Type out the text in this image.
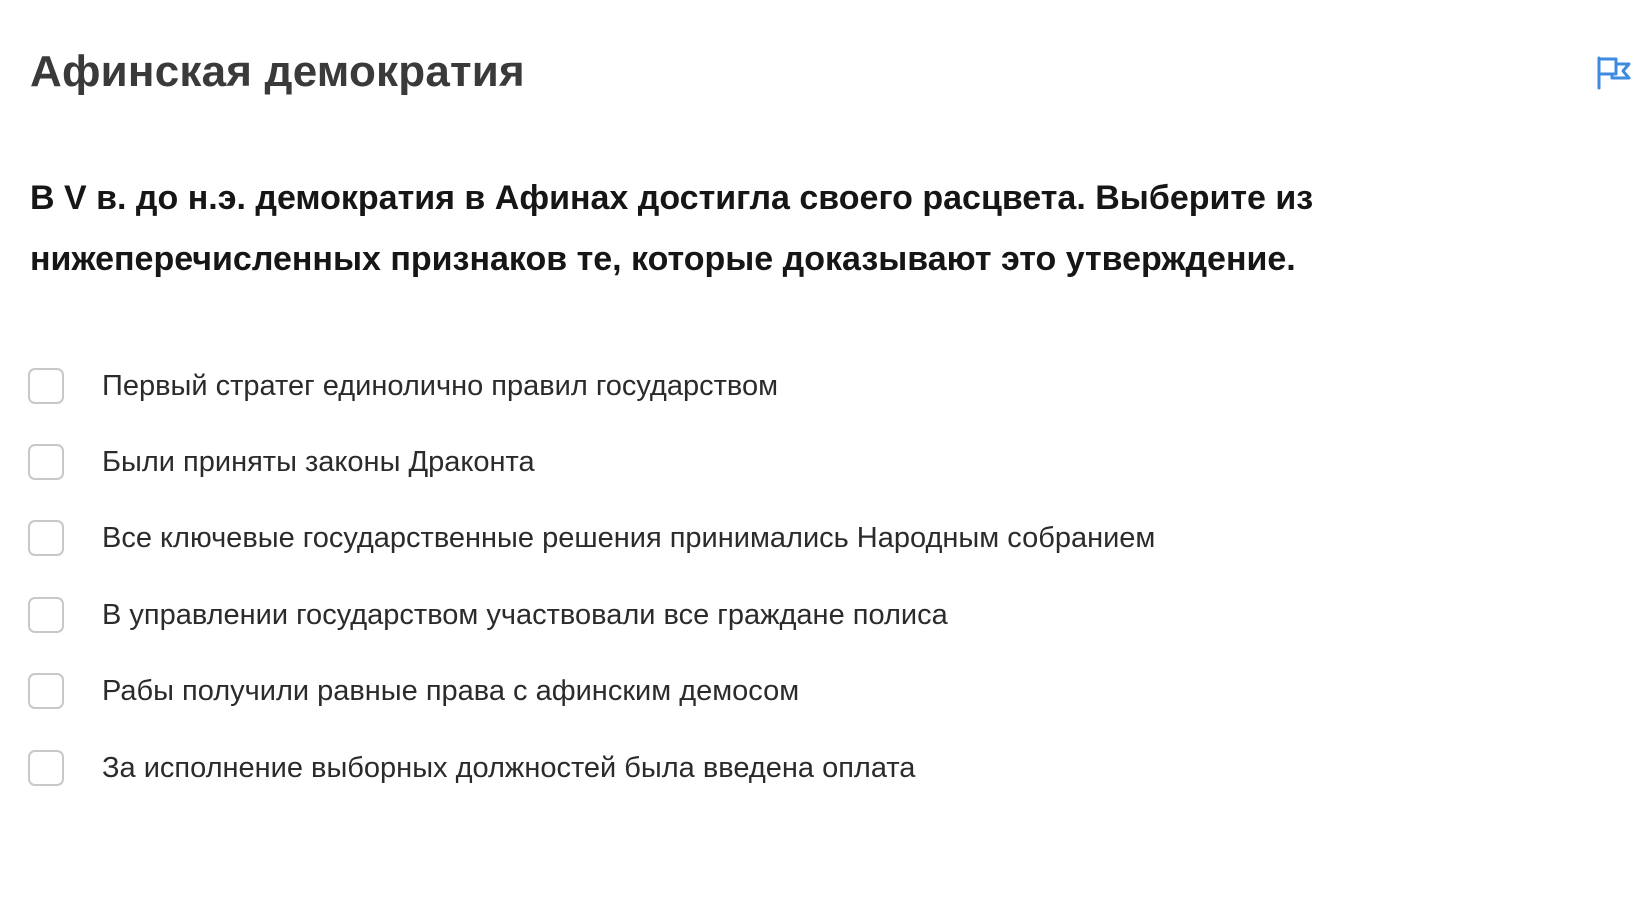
Афинская демократия

В V в. до н.э. демократия в Афинах достигла своего расцвета. Выберите из нижеперечисленных признаков те, которые доказывают это утверждение.

Первый стратег единолично правил государством
Были приняты законы Драконта
Все ключевые государственные решения принимались Народным собранием
В управлении государством участвовали все граждане полиса
Рабы получили равные права с афинским демосом
За исполнение выборных должностей была введена оплата
